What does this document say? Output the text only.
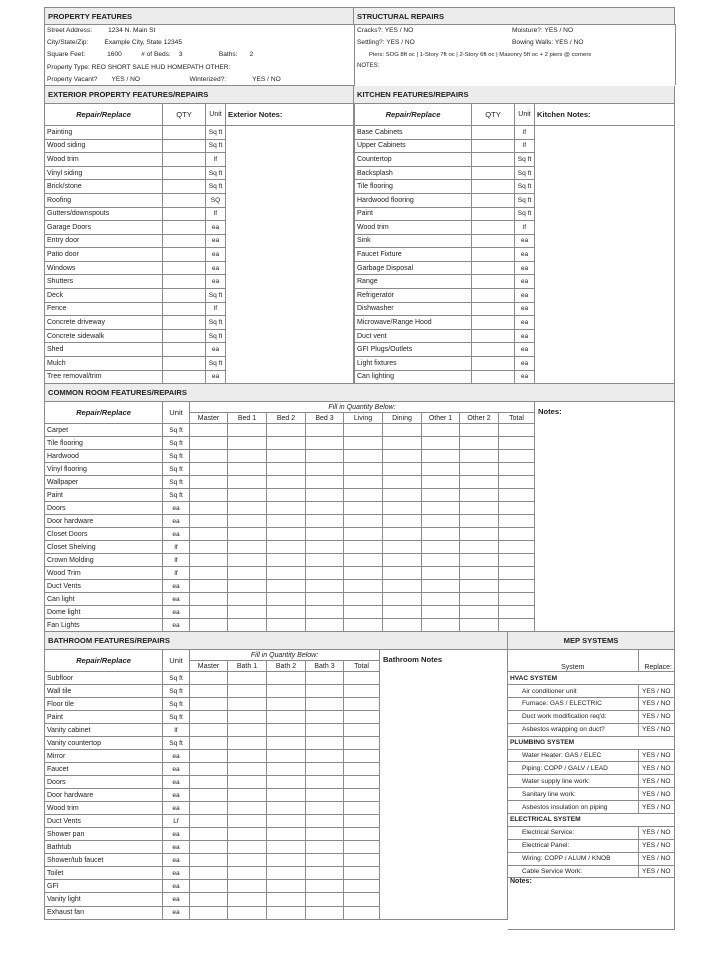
PROPERTY FEATURES	STRUCTURAL REPAIRS
Street Address: 1234 N. Main St	Cracks?: YES / NO Moisture?: YES / NO
City/State/Zip: Example City, State 12345	Settling?: YES / NO Bowing Walls: YES / NO
Square Feet: 1600 # of Beds: 3 Baths: 2	Piers: SOG 8ft oc | 1-Story 7ft oc | 2-Story 6ft oc | Masonry 5ft oc + 2 piers @ corners
Property Type: REO SHORT SALE HUD HOMEPATH OTHER:	NOTES:
Property Vacant? YES / NO Winterized?: YES / NO	
EXTERIOR PROPERTY FEATURES/REPAIRS
Repair/Replace	QTY	Unit	Exterior Notes:
Painting		Sq ft	
Wood siding		Sq ft	
Wood trim		lf	
Vinyl siding		Sq ft	
Brick/stone		Sq ft	
Roofing		SQ	
Gutters/downspouts		lf	
Garage Doors		ea	
Entry door		ea	
Patio door		ea	
Windows		ea	
Shutters		ea	
Deck		Sq ft	
Fence		lf	
Concrete driveway		Sq ft	
Concrete sidewalk		Sq ft	
Shed		ea	
Mulch		Sq ft	
Tree removal/trim		ea	
KITCHEN FEATURES/REPAIRS
Repair/Replace	QTY	Unit	Kitchen Notes:
Base Cabinets		lf	
Upper Cabinets		lf	
Countertop		Sq ft	
Backsplash		Sq ft	
Tile flooring		Sq ft	
Hardwood flooring		Sq ft	
Paint		Sq ft	
Wood trim		lf	
Sink		ea	
Faucet Fixture		ea	
Garbage Disposal		ea	
Range		ea	
Refrigerator		ea	
Dishwasher		ea	
Microwave/Range Hood		ea	
Duct vent		ea	
GFI Plugs/Outlets		ea	
Light fixtures		ea	
Can lighting		ea	
COMMON ROOM FEATURES/REPAIRS
Repair/Replace	Unit	Fill in Quantity Below:									Notes:
		Master	Bed 1	Bed 2	Bed 3	Living	Dining	Other 1	Other 2	Total	
Carpet	Sq ft										
Tile flooring	Sq ft										
Hardwood	Sq ft										
Vinyl flooring	Sq ft										
Wallpaper	Sq ft										
Paint	Sq ft										
Doors	ea										
Door hardware	ea										
Closet Doors	ea										
Closet Shelving	lf										
Crown Molding	lf										
Wood Trim	lf										
Duct Vents	ea										
Can light	ea										
Dome light	ea										
Fan Lights	ea										
BATHROOM FEATURES/REPAIRS
Repair/Replace	Unit	Fill in Quantity Below:					Bathroom Notes
		Master	Bath 1	Bath 2	Bath 3	Total	
Subfloor	Sq ft						
Wall tile	Sq ft						
Floor tile	Sq ft						
Paint	Sq ft						
Vanity cabinet	lf						
Vanity countertop	Sq ft						
Mirror	ea						
Faucet	ea						
Doors	ea						
Door hardware	ea						
Wood trim	ea						
Duct Vents	Lf						
Shower pan	ea						
Bathtub	ea						
Shower/tub faucet	ea						
Toilet	ea						
GFI	ea						
Vanity light	ea						
Exhaust fan	ea						
MEP SYSTEMS
System	Replace:
HVAC SYSTEM	
Air conditioner unit	YES / NO
Furnace: GAS / ELECTRIC	YES / NO
Duct work modification req'd:	YES / NO
Asbestos wrapping on duct?	YES / NO
PLUMBING SYSTEM	
Water Heater: GAS / ELEC	YES / NO
Piping: COPP / GALV / LEAD	YES / NO
Water supply line work:	YES / NO
Sanitary line work:	YES / NO
Asbestos insulation on piping	YES / NO
ELECTRICAL SYSTEM	
Electrical Service:	YES / NO
Electrical Panel:	YES / NO
Wiring: COPP / ALUM / KNOB	YES / NO
Cable Service Work:	YES / NO
Notes:	
